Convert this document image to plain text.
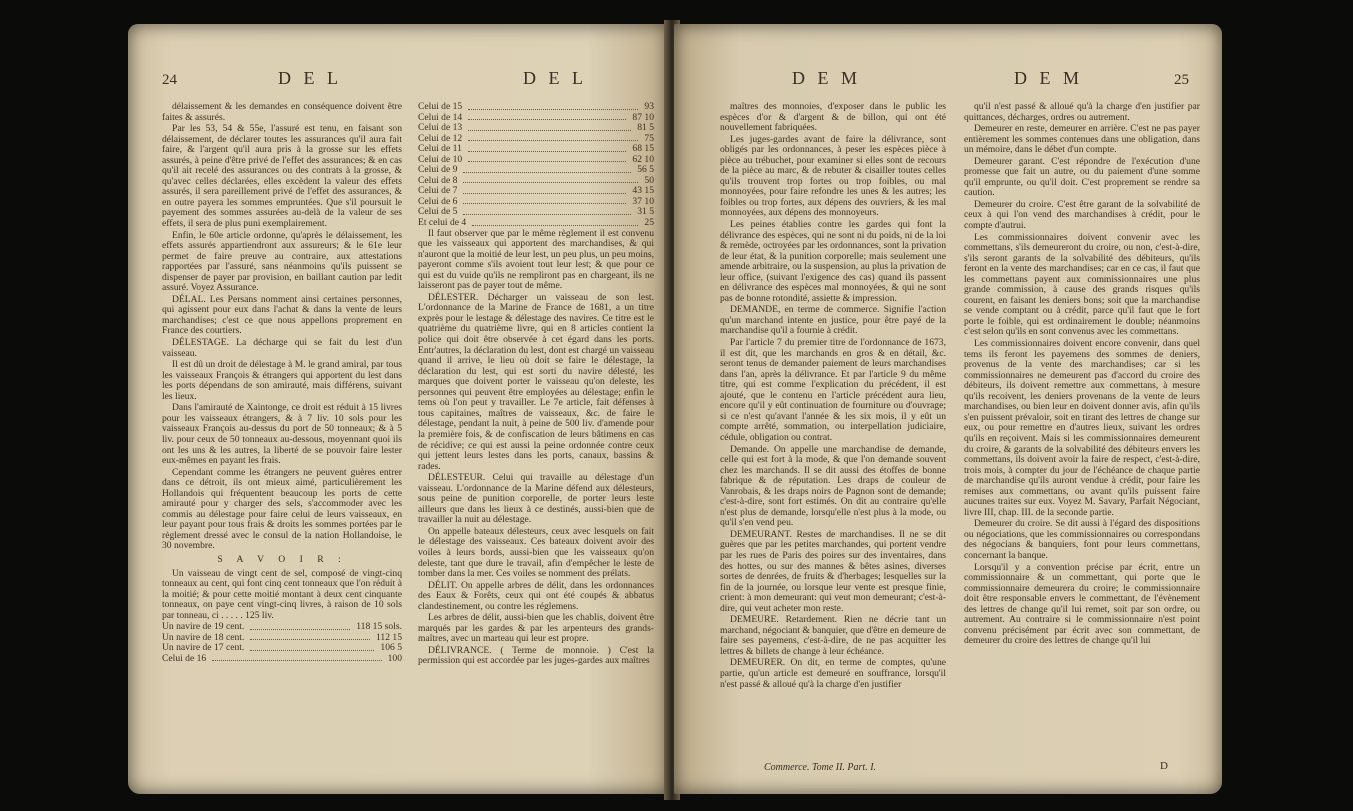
24	D E L	D E L

délaissement & les demandes en conséquence doivent être faites & assurés.

Par les 53, 54 & 55e, l'assuré est tenu, en faisant son délaissement, de déclarer toutes les assurances qu'il aura fait faire, & l'argent qu'il aura pris à la grosse sur les effets assurés, à peine d'être privé de l'effet des assurances; & en cas qu'il ait recelé des assurances ou des contrats à la grosse, & qu'avec celles déclarées, elles excèdent la valeur des effets assurés, il sera pareillement privé de l'effet des assurances, & en outre payera les sommes empruntées. Que s'il poursuit le payement des sommes assurées au-delà de la valeur de ses effets, il sera de plus puni exemplairement.

Enfin, le 60e article ordonne, qu'après le délaissement, les effets assurés appartiendront aux assureurs; & le 61e leur permet de faire preuve au contraire, aux attestations rapportées par l'assuré, sans néanmoins qu'ils puissent se dispenser de payer par provision, en baillant caution par ledit assuré. Voyez Assurance.

DÉLAL. Les Persans nomment ainsi certaines personnes, qui agissent pour eux dans l'achat & dans la vente de leurs marchandises; c'est ce que nous appellons proprement en France des courtiers.

DÉLESTAGE. La décharge qui se fait du lest d'un vaisseau.

Il est dû un droit de délestage à M. le grand amiral, par tous les vaisseaux François & étrangers qui apportent du lest dans les ports dépendans de son amirauté, mais différens, suivant les lieux.

Dans l'amirauté de Xaintonge, ce droit est réduit à 15 livres pour les vaisseaux étrangers, & à 7 liv. 10 sols pour les vaisseaux François au-dessus du port de 50 tonneaux; & à 5 liv. pour ceux de 50 tonneaux au-dessous, moyennant quoi ils ont les uns & les autres, la liberté de se pouvoir faire lester eux-mêmes en payant les frais.

Cependant comme les étrangers ne peuvent guères entrer dans ce détroit, ils ont mieux aimé, particulièrement les Hollandois qui fréquentent beaucoup les ports de cette amirauté pour y charger des sels, s'accommoder avec les commis au délestage pour faire celui de leurs vaisseaux, en leur payant pour tous frais & droits les sommes portées par le règlement dressé avec le consul de la nation Hollandoise, le 30 novembre.

S A V O I R :

Un vaisseau de vingt cent de sel, composé de vingt-cinq tonneaux au cent, qui font cinq cent tonneaux que l'on réduit à la moitié; & pour cette moitié montant à deux cent cinquante tonneaux, on paye cent vingt-cinq livres, à raison de 10 sols par tonneau, ci . . . . . 125 liv.

Un navire de 19 cent.	118 15 sols.
Un navire de 18 cent.	112 15
Un navire de 17 cent.	106 5
Celui de 16	100
Celui de 15	93
Celui de 14	87 10
Celui de 13	81 5
Celui de 12	75
Celui de 11	68 15
Celui de 10	62 10
Celui de 9	56 5
Celui de 8	50
Celui de 7	43 15
Celui de 6	37 10
Celui de 5	31 5
Et celui de 4	25

Il faut observer que par le même règlement il est convenu que les vaisseaux qui apportent des marchandises, & qui n'auront que la moitié de leur lest, un peu plus, un peu moins, payeront comme s'ils avoient tout leur lest; & que pour ce qui est du vuide qu'ils ne rempliront pas en chargeant, ils ne laisseront pas de payer tout de même.

DÉLESTER. Décharger un vaisseau de son lest. L'ordonnance de la Marine de France de 1681, a un titre exprès pour le lestage & délestage des navires. Ce titre est le quatrième du quatrième livre, qui en 8 articles contient la police qui doit être observée à cet égard dans les ports. Entr'autres, la déclaration du lest, dont est chargé un vaisseau quand il arrive, le lieu où doit se faire le délestage, la déclaration du lest, qui est sorti du navire délesté, les marques que doivent porter le vaisseau qu'on deleste, les personnes qui peuvent être employées au délestage; enfin le tems où l'on peut y travailler. Le 7e article, fait défenses à tous capitaines, maîtres de vaisseaux, &c. de faire le délestage, pendant la nuit, à peine de 500 liv. d'amende pour la première fois, & de confiscation de leurs bâtimens en cas de récidive; ce qui est aussi la peine ordonnée contre ceux qui jettent leurs lestes dans les ports, canaux, bassins & rades.

DÉLESTEUR. Celui qui travaille au délestage d'un vaisseau. L'ordonnance de la Marine défend aux délesteurs, sous peine de punition corporelle, de porter leurs leste ailleurs que dans les lieux à ce destinés, aussi-bien que de travailler la nuit au délestage.

On appelle bateaux délesteurs, ceux avec lesquels on fait le délestage des vaisseaux. Ces bateaux doivent avoir des voiles à leurs bords, aussi-bien que les vaisseaux qu'on deleste, tant que dure le travail, afin d'empêcher le leste de tomber dans la mer. Ces voiles se nomment des prélats.

DÉLIT. On appelle arbres de délit, dans les ordonnances des Eaux & Forêts, ceux qui ont été coupés & abbatus clandestinement, ou contre les réglemens.

Les arbres de délit, aussi-bien que les chablis, doivent être marqués par les gardes & par les arpenteurs des grands-maîtres, avec un marteau qui leur est propre.

DÉLIVRANCE. ( Terme de monnoie. ) C'est la permission qui est accordée par les juges-gardes aux maîtres

D E M	D E M	25

maîtres des monnoies, d'exposer dans le public les espèces d'or & d'argent & de billon, qui ont été nouvellement fabriquées.

Les juges-gardes avant de faire la délivrance, sont obligés par les ordonnances, à peser les espèces pièce à pièce au trébuchet, pour examiner si elles sont de recours de la pièce au marc, & de rebuter & cisailler toutes celles qu'ils trouvent trop fortes ou trop foibles, ou mal monnoyées, pour faire refondre les unes & les autres; les foibles ou trop fortes, aux dépens des ouvriers, & les mal monnoyées, aux dépens des monnoyeurs.

Les peines établies contre les gardes qui font la délivrance des espèces, qui ne sont ni du poids, ni de la loi & remède, octroyées par les ordonnances, sont la privation de leur état, & la punition corporelle; mais seulement une amende arbitraire, ou la suspension, au plus la privation de leur office, (suivant l'exigence des cas) quand ils passent en délivrance des espèces mal monnoyées, & qui ne sont pas de bonne rotondité, assiette & impression.

DEMANDE, en terme de commerce. Signifie l'action qu'un marchand intente en justice, pour être payé de la marchandise qu'il a fournie à crédit.

Par l'article 7 du premier titre de l'ordonnance de 1673, il est dit, que les marchands en gros & en détail, &c. seront tenus de demander paiement de leurs marchandises dans l'an, après la délivrance. Et par l'article 9 du même titre, qui est comme l'explication du précédent, il est ajouté, que le contenu en l'article précédent aura lieu, encore qu'il y eût continuation de fourniture ou d'ouvrage; si ce n'est qu'avant l'année & les six mois, il y eût un compte arrêté, sommation, ou interpellation judiciaire, cédule, obligation ou contrat.

Demande. On appelle une marchandise de demande, celle qui est fort à la mode, & que l'on demande souvent chez les marchands. Il se dit aussi des étoffes de bonne fabrique & de réputation. Les draps de couleur de Vanrobais, & les draps noirs de Pagnon sont de demande; c'est-à-dire, sont fort estimés. On dit au contraire qu'elle n'est plus de demande, lorsqu'elle n'est plus à la mode, ou qu'il s'en vend peu.

DEMEURANT. Restes de marchandises. Il ne se dit guères que par les petites marchandes, qui portent vendre par les rues de Paris des poires sur des inventaires, dans des hottes, ou sur des mannes & bêtes asines, diverses sortes de denrées, de fruits & d'herbages; lesquelles sur la fin de la journée, ou lorsque leur vente est presque finie, crient: à mon demeurant: qui veut mon demeurant; c'est-à-dire, qui veut acheter mon reste.

DEMEURE. Retardement. Rien ne décrie tant un marchand, négociant & banquier, que d'être en demeure de faire ses payemens, c'est-à-dire, de ne pas acquitter les lettres & billets de change à leur échéance.

DEMEURER. On dit, en terme de comptes, qu'une partie, qu'un article est demeuré en souffrance, lorsqu'il n'est passé & alloué qu'à la charge d'en justifier

qu'il n'est passé & alloué qu'à la charge d'en justifier par quittances, décharges, ordres ou autrement.

Demeurer en reste, demeurer en arrière. C'est ne pas payer entièrement les sommes contenues dans une obligation, dans un mémoire, dans le débet d'un compte.

Demeurer garant. C'est répondre de l'exécution d'une promesse que fait un autre, ou du paiement d'une somme qu'il emprunte, ou qu'il doit. C'est proprement se rendre sa caution.

Demeurer du croire. C'est être garant de la solvabilité de ceux à qui l'on vend des marchandises à crédit, pour le compte d'autrui.

Les commissionnaires doivent convenir avec les commettans, s'ils demeureront du croire, ou non, c'est-à-dire, s'ils seront garants de la solvabilité des débiteurs, qu'ils feront en la vente des marchandises; car en ce cas, il faut que les commettans payent aux commissionnaires une plus grande commission, à cause des grands risques qu'ils courent, en faisant les deniers bons; soit que la marchandise se vende comptant ou à crédit, parce qu'il faut que le fort porte le foible, qui est ordinairement le double; néanmoins c'est selon qu'ils en sont convenus avec les commettans.

Les commissionnaires doivent encore convenir, dans quel tems ils feront les payemens des sommes de deniers, provenus de la vente des marchandises; car si les commissionnaires ne demeurent pas d'accord du croire des débiteurs, ils doivent remettre aux commettans, à mesure qu'ils recoivent, les deniers provenans de la vente de leurs marchandises, ou bien leur en doivent donner avis, afin qu'ils s'en puissent prévaloir, soit en tirant des lettres de change sur eux, ou pour remettre en d'autres lieux, suivant les ordres qu'ils en reçoivent. Mais si les commissionnaires demeurent du croire, & garants de la solvabilité des débiteurs envers les commettans, ils doivent avoir la faire de respect, c'est-à-dire, trois mois, à compter du jour de l'échéance de chaque partie de marchandise qu'ils auront vendue à crédit, pour faire les remises aux commettans, ou avant qu'ils puissent faire aucunes traites sur eux. Voyez M. Savary, Parfait Négociant, livre III, chap. III. de la seconde partie.

Demeurer du croire. Se dit aussi à l'égard des dispositions ou négociations, que les commissionnaires ou correspondans des négocians & banquiers, font pour leurs commettans, concernant la banque.

Lorsqu'il y a convention précise par écrit, entre un commissionnaire & un commettant, qui porte que le commissionnaire demeurera du croire; le commissionnaire doit être responsable envers le commettant, de l'évènement des lettres de change qu'il lui remet, soit par son ordre, ou autrement. Au contraire si le commissionnaire n'est point convenu précisément par écrit avec son commettant, de demeurer du croire des lettres de change qu'il lui

Commerce. Tome II. Part. I.	D
